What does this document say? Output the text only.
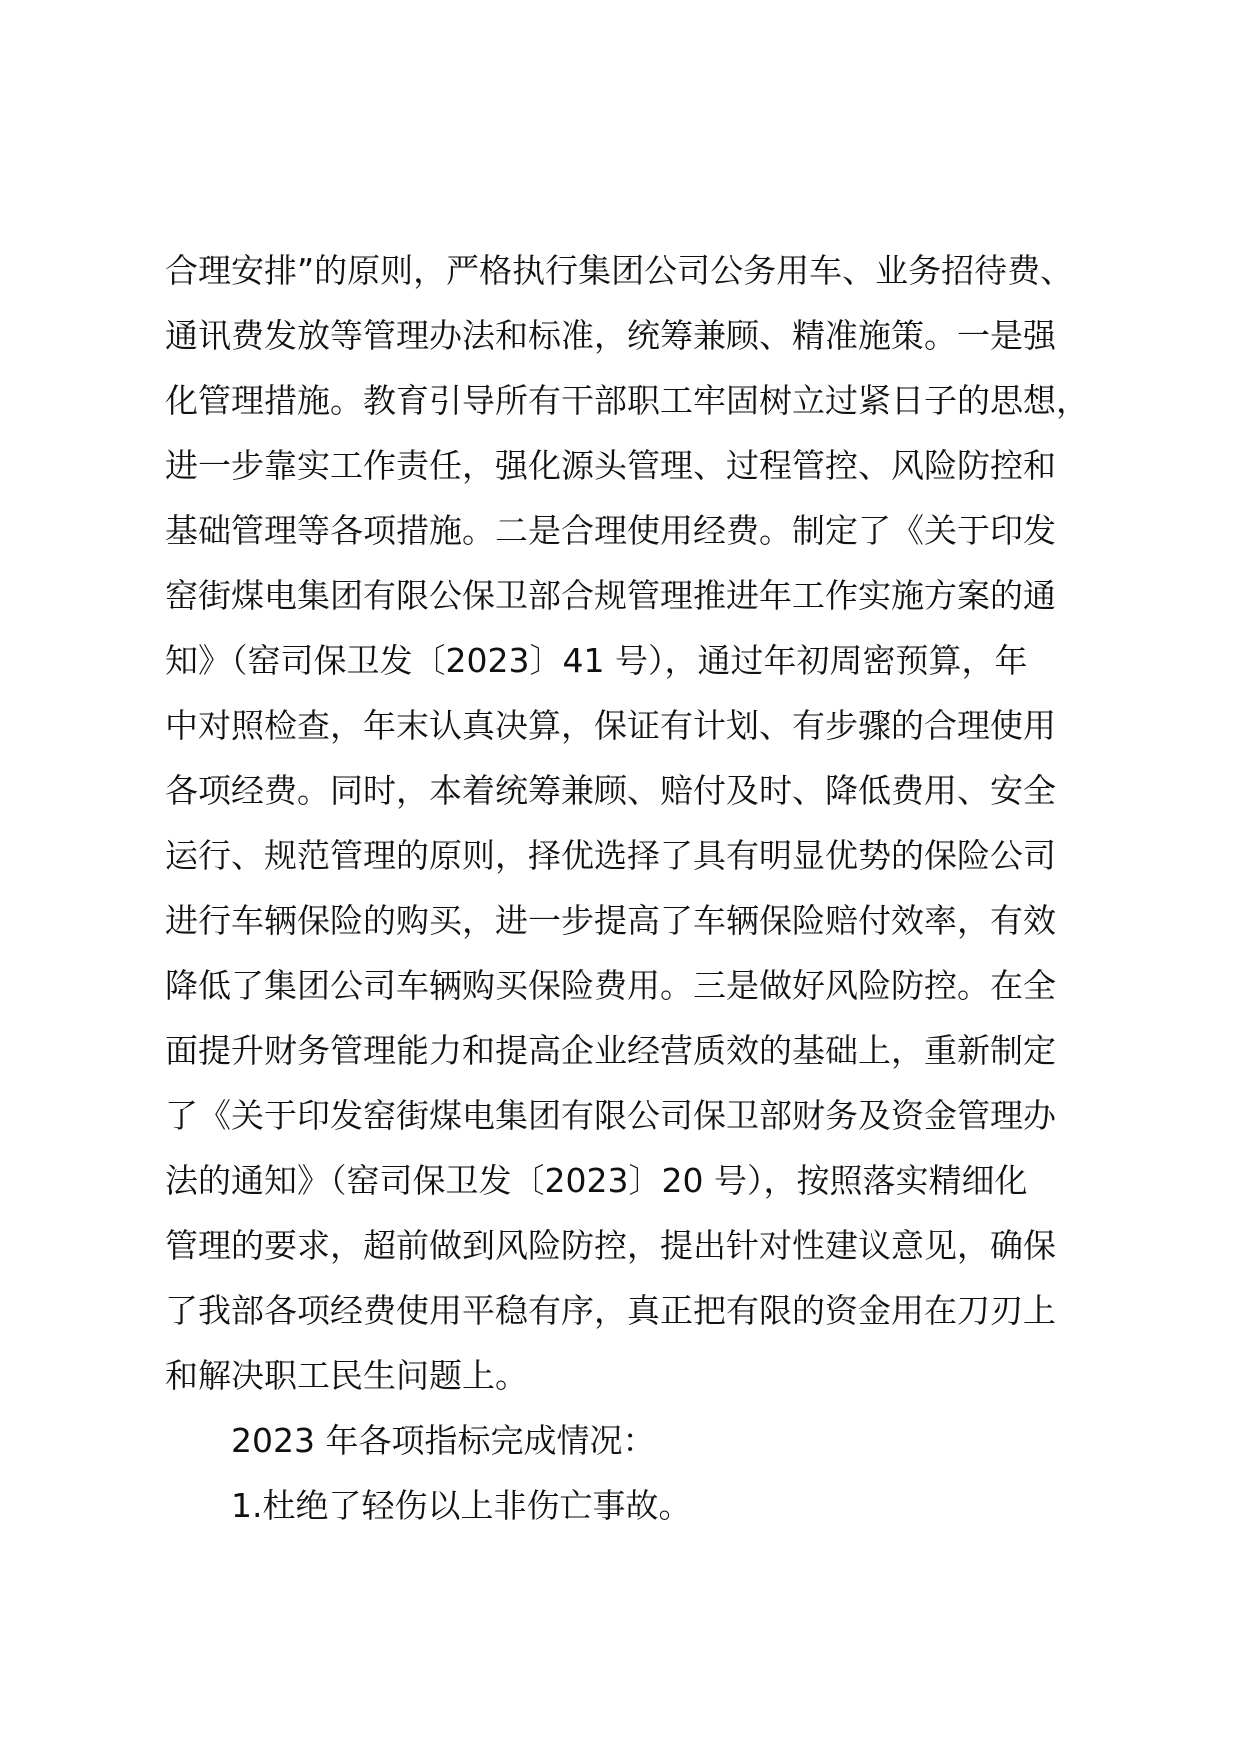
合理安排”的原则，严格执行集团公司公务用车、业务招待费、
通讯费发放等管理办法和标准，统筹兼顾、精准施策。一是强
化管理措施。教育引导所有干部职工牢固树立过紧日子的思想，
进一步靠实工作责任，强化源头管理、过程管控、风险防控和
基础管理等各项措施。二是合理使用经费。制定了《关于印发
窑街煤电集团有限公保卫部合规管理推进年工作实施方案的通
知》（窑司保卫发〔2023〕41 号），通过年初周密预算，年
中对照检查，年末认真决算，保证有计划、有步骤的合理使用
各项经费。同时，本着统筹兼顾、赔付及时、降低费用、安全
运行、规范管理的原则，择优选择了具有明显优势的保险公司
进行车辆保险的购买，进一步提高了车辆保险赔付效率，有效
降低了集团公司车辆购买保险费用。三是做好风险防控。在全
面提升财务管理能力和提高企业经营质效的基础上，重新制定
了《关于印发窑街煤电集团有限公司保卫部财务及资金管理办
法的通知》（窑司保卫发〔2023〕20 号），按照落实精细化
管理的要求，超前做到风险防控，提出针对性建议意见，确保
了我部各项经费使用平稳有序，真正把有限的资金用在刀刃上
和解决职工民生问题上。
2023 年各项指标完成情况：
1.杜绝了轻伤以上非伤亡事故。
